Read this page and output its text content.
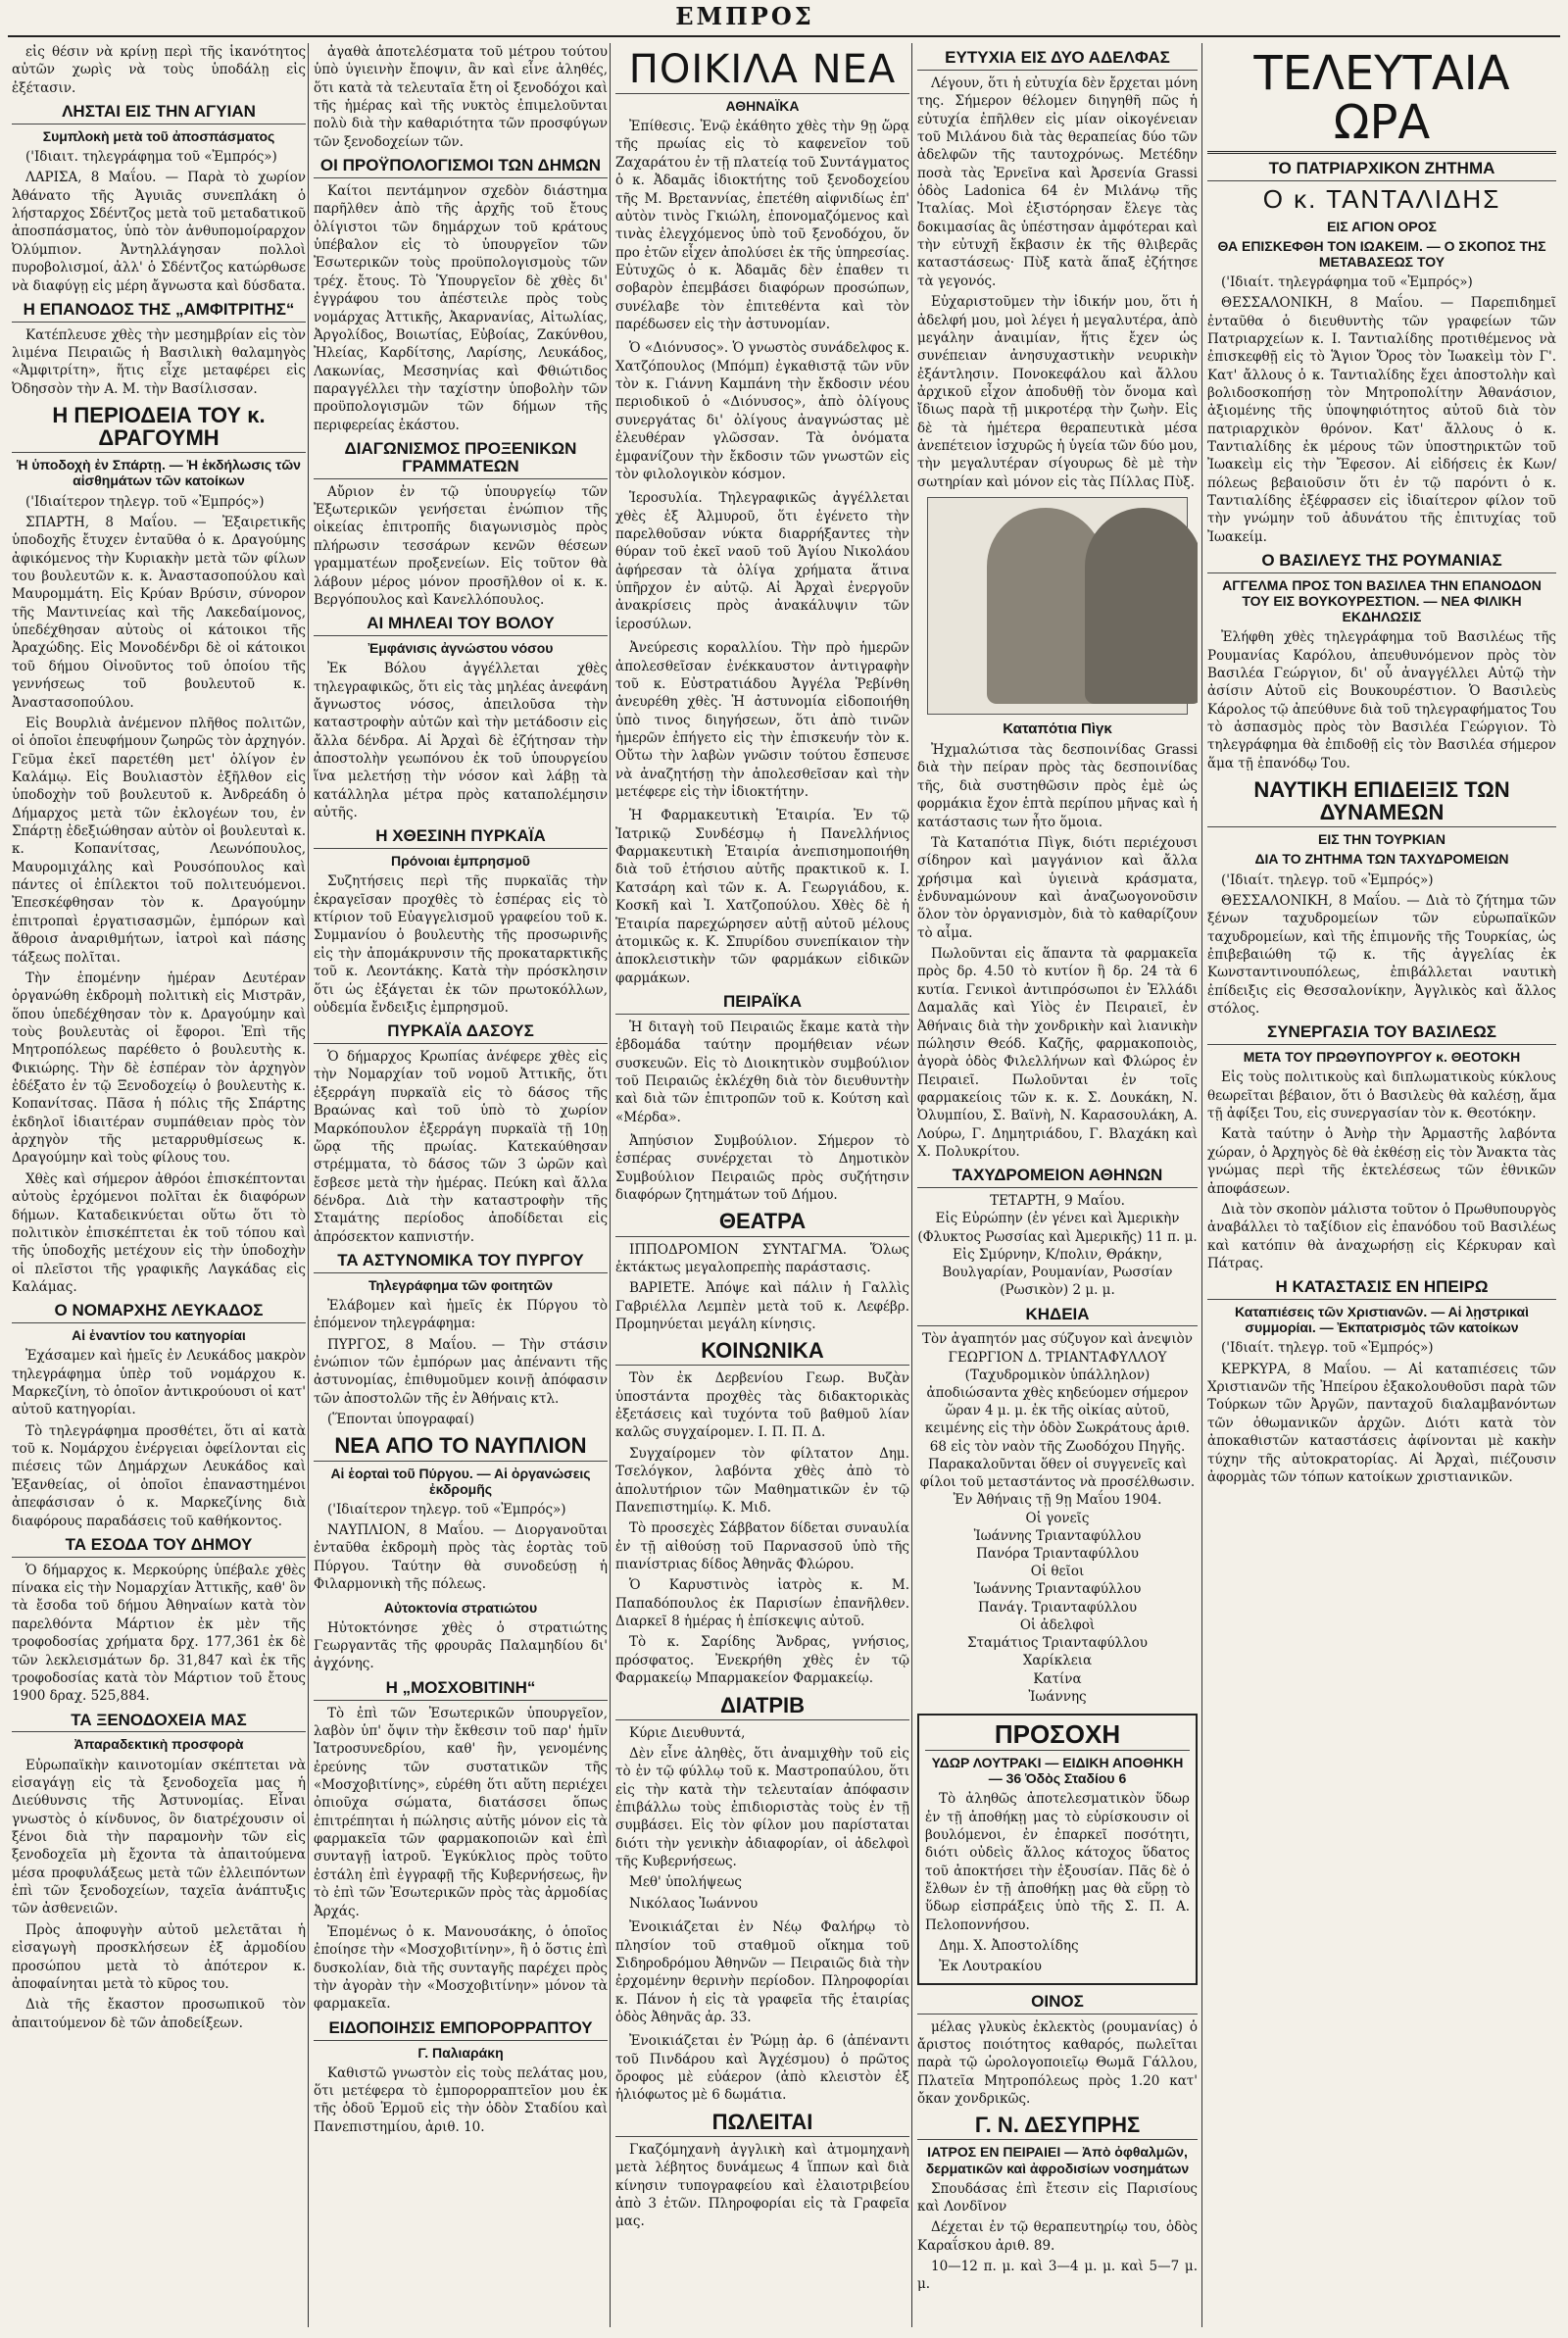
ΕΜΠΡΟΣ

εἰς θέσιν νὰ κρίνῃ περὶ τῆς ἱκανότητος αὐτῶν χωρὶς νὰ τοὺς ὑποδάλῃ εἰς ἐξέτασιν.

ΛΗΣΤΑΙ ΕΙΣ ΤΗΝ ΑΓΥΙΑΝ
Συμπλοκὴ μετὰ τοῦ ἀποσπάσματος

('Ιδιαιτ. τηλεγράφημα τοῦ «Ἐμπρός»)

ΛΑΡΙΣΑ, 8 Μαΐου. — Παρὰ τὸ χωρίον Ἀθάνατο τῆς Ἀγυιᾶς συνεπλάκη ὁ λήσταρχος Σδέντζος μετὰ τοῦ μεταδατικοῦ ἀποσπάσματος, ὑπὸ τὸν ἀνθυπομοίραρχον Ὀλύμπιον. Ἀντηλλάγησαν πολλοὶ πυροβολισμοί, ἀλλ' ὁ Σδέντζος κατώρθωσε νὰ διαφύγῃ εἰς μέρη ἄγνωστα καὶ δύσδατα.

Η ΕΠΑΝΟΔΟΣ ΤΗΣ „ΑΜΦΙΤΡΙΤΗΣ“

Κατέπλευσε χθὲς τὴν μεσημβρίαν εἰς τὸν λιμένα Πειραιῶς ἡ Βασιλικὴ θαλαμηγὸς «Ἀμφιτρίτη», ἥτις εἶχε μεταφέρει εἰς Ὀδησσὸν τὴν Α. Μ. τὴν Βασίλισσαν.

Η ΠΕΡΙΟΔΕΙΑ ΤΟΥ κ. ΔΡΑΓΟΥΜΗ
Ἡ ὑποδοχὴ ἐν Σπάρτῃ. — Ἡ ἐκδήλωσις τῶν αἰσθημάτων τῶν κατοίκων

('Ιδιαίτερον τηλεγρ. τοῦ «Ἐμπρός»)

ΣΠΑΡΤΗ, 8 Μαΐου. — Ἐξαιρετικῆς ὑποδοχῆς ἔτυχεν ἐνταῦθα ὁ κ. Δραγούμης ἀφικόμενος τὴν Κυριακὴν μετὰ τῶν φίλων του βουλευτῶν κ. κ. Ἀναστασοπούλου καὶ Μαυρομμάτη. Εἰς Κρύαν Βρύσιν, σύνορον τῆς Μαντινείας καὶ τῆς Λακεδαίμονος, ὑπεδέχθησαν αὐτοὺς οἱ κάτοικοι τῆς Ἀραχώδης. Εἰς Μονοδένδρι δὲ οἱ κάτοικοι τοῦ δήμου Οἰνοῦντος τοῦ ὁποίου τῆς γεννήσεως τοῦ βουλευτοῦ κ. Ἀναστασοπούλου.

Εἰς Βουρλιὰ ἀνέμενον πλῆθος πολιτῶν, οἱ ὁποῖοι ἐπευφήμουν ζωηρῶς τὸν ἀρχηγόν. Γεῦμα ἐκεῖ παρετέθη μετ' ὀλίγον ἐν Καλάμῳ. Εἰς Βουλιαστὸν ἐξῆλθον εἰς ὑποδοχὴν τοῦ βουλευτοῦ κ. Ἀνδρεάδη ὁ Δήμαρχος μετὰ τῶν ἐκλογέων του, ἐν Σπάρτῃ ἐδεξιώθησαν αὐτὸν οἱ βουλευταὶ κ. κ. Κοπανίτσας, Λεωνόπουλος, Μαυρομιχάλης καὶ Ρουσόπουλος καὶ πάντες οἱ ἐπίλεκτοι τοῦ πολιτευόμενοι. Ἐπεσκέφθησαν τὸν κ. Δραγούμην ἐπιτροπαὶ ἐργατισασμῶν, ἐμπόρων καὶ ἄθροισ ἀναριθμήτων, ἰατροὶ καὶ πάσης τάξεως πολῖται.

Τὴν ἑπομένην ἡμέραν Δευτέραν ὀργανώθη ἐκδρομὴ πολιτικὴ εἰς Μιστρᾶν, ὅπου ὑπεδέχθησαν τὸν κ. Δραγούμην καὶ τοὺς βουλευτὰς οἱ ἔφοροι. Ἐπὶ τῆς Μητροπόλεως παρέθετο ὁ βουλευτὴς κ. Φικιώρης. Τὴν δὲ ἑσπέραν τὸν ἀρχηγὸν ἐδέξατο ἐν τῷ Ξενοδοχείῳ ὁ βουλευτὴς κ. Κοπανίτσας. Πᾶσα ἡ πόλις τῆς Σπάρτης ἐκδηλοῖ ἰδιαιτέραν συμπάθειαν πρὸς τὸν ἀρχηγὸν τῆς μεταρρυθμίσεως κ. Δραγούμην καὶ τοὺς φίλους του.

Χθὲς καὶ σήμερον ἀθρόοι ἐπισκέπτονται αὐτοὺς ἐρχόμενοι πολῖται ἐκ διαφόρων δήμων. Καταδεικνύεται οὕτω ὅτι τὸ πολιτικὸν ἐπισκέπτεται ἐκ τοῦ τόπου καὶ τῆς ὑποδοχῆς μετέχουν εἰς τὴν ὑποδοχὴν οἱ πλεῖστοι τῆς γραφικῆς Λαγκάδας εἰς Καλάμας.

Ο ΝΟΜΑΡΧΗΣ ΛΕΥΚΑΔΟΣ
Αἱ ἐναντίον του κατηγορίαι

Ἐχάσαμεν καὶ ἡμεῖς ἐν Λευκάδος μακρὸν τηλεγράφημα ὑπὲρ τοῦ νομάρχου κ. Μαρκεζίνη, τὸ ὁποῖον ἀντικρούουσι οἱ κατ' αὐτοῦ κατηγορίαι.

Τὸ τηλεγράφημα προσθέτει, ὅτι αἱ κατὰ τοῦ κ. Νομάρχου ἐνέργειαι ὀφείλονται εἰς πιέσεις τῶν Δημάρχων Λευκάδος καὶ Ἐξανθείας, οἱ ὁποῖοι ἐπαναστημένοι ἀπεφάσισαν ὁ κ. Μαρκεζίνης διὰ διαφόρους παραδάσεις τοῦ καθήκοντος.

ΤΑ ΕΣΟΔΑ ΤΟΥ ΔΗΜΟΥ

Ὁ δήμαρχος κ. Μερκούρης ὑπέβαλε χθὲς πίνακα εἰς τὴν Νομαρχίαν Ἀττικῆς, καθ' ὃν τὰ ἔσοδα τοῦ δήμου Ἀθηναίων κατὰ τὸν παρελθόντα Μάρτιον ἐκ μὲν τῆς τροφοδοσίας χρήματα δρχ. 177,361 ἐκ δὲ τῶν λεκλεισμάτων δρ. 31,847 καὶ ἐκ τῆς τροφοδοσίας κατὰ τὸν Μάρτιον τοῦ ἔτους 1900 δραχ. 525,884.

ΤΑ ΞΕΝΟΔΟΧΕΙΑ ΜΑΣ
Ἀπαραδεκτικὴ προσφορὰ

Εὐρωπαϊκὴν καινοτομίαν σκέπτεται νὰ εἰσαγάγῃ εἰς τὰ ξενοδοχεῖα μας ἡ Διεύθυνσις τῆς Ἀστυνομίας. Εἶναι γνωστὸς ὁ κίνδυνος, ὃν διατρέχουσιν οἱ ξένοι διὰ τὴν παραμονὴν τῶν εἰς ξενοδοχεῖα μὴ ἔχοντα τὰ ἀπαιτούμενα μέσα προφυλάξεως μετὰ τῶν ἐλλειπόντων ἐπὶ τῶν ξενοδοχείων, ταχεῖα ἀνάπτυξις τῶν ἀσθενειῶν.

Πρὸς ἀποφυγὴν αὐτοῦ μελετᾶται ἡ εἰσαγωγὴ προσκλήσεων ἐξ ἀρμοδίου προσώπου μετὰ τὸ ἀπότερον κ. ἀποφαίνηται μετὰ τὸ κῦρος του.

Διὰ τῆς ἔκαστον προσωπικοῦ τὸν ἀπαιτούμενον δὲ τῶν ἀποδείξεων.

ἀγαθὰ ἀποτελέσματα τοῦ μέτρου τούτου ὑπὸ ὑγιεινὴν ἔποψιν, ἂν καὶ εἶνε ἀληθές, ὅτι κατὰ τὰ τελευταῖα ἔτη οἱ ξενοδόχοι καὶ τῆς ἡμέρας καὶ τῆς νυκτὸς ἐπιμελοῦνται πολὺ διὰ τὴν καθαριότητα τῶν προσφύγων τῶν ξενοδοχείων τῶν.

ΟΙ ΠΡΟΫΠΟΛΟΓΙΣΜΟΙ ΤΩΝ ΔΗΜΩΝ

Καίτοι πεντάμηνον σχεδὸν διάστημα παρῆλθεν ἀπὸ τῆς ἀρχῆς τοῦ ἔτους ὀλίγιστοι τῶν δημάρχων τοῦ κράτους ὑπέβαλον εἰς τὸ ὑπουργεῖον τῶν Ἐσωτερικῶν τοὺς προϋπολογισμοὺς τῶν τρέχ. ἔτους. Τὸ Ὑπουργεῖον δὲ χθὲς δι' ἐγγράφου του ἀπέστειλε πρὸς τοὺς νομάρχας Ἀττικῆς, Ἀκαρνανίας, Αἰτωλίας, Ἀργολίδος, Βοιωτίας, Εὐβοίας, Ζακύνθου, Ἠλείας, Καρδίτσης, Λαρίσης, Λευκάδος, Λακωνίας, Μεσσηνίας καὶ Φθιώτιδος παραγγέλλει τὴν ταχίστην ὑποβολὴν τῶν προϋπολογισμῶν τῶν δήμων τῆς περιφερείας ἑκάστου.

ΔΙΑΓΩΝΙΣΜΟΣ ΠΡΟΞΕΝΙΚΩΝ ΓΡΑΜΜΑΤΕΩΝ

Αὔριον ἐν τῷ ὑπουργείῳ τῶν Ἐξωτερικῶν γενήσεται ἐνώπιον τῆς οἰκείας ἐπιτροπῆς διαγωνισμὸς πρὸς πλήρωσιν τεσσάρων κενῶν θέσεων γραμματέων προξενείων. Εἰς τοῦτον θὰ λάβουν μέρος μόνον προσῆλθον οἱ κ. κ. Βεργόπουλος καὶ Κανελλόπουλος.

ΑΙ ΜΗΛΕΑΙ ΤΟΥ ΒΟΛΟΥ
Ἐμφάνισις ἀγνώστου νόσου

Ἐκ Βόλου ἀγγέλλεται χθὲς τηλεγραφικῶς, ὅτι εἰς τὰς μηλέας ἀνεφάνη ἄγνωστος νόσος, ἀπειλοῦσα τὴν καταστροφὴν αὐτῶν καὶ τὴν μετάδοσιν εἰς ἄλλα δένδρα. Αἱ Ἀρχαὶ δὲ ἐζήτησαν τὴν ἀποστολὴν γεωπόνου ἐκ τοῦ ὑπουργείου ἵνα μελετήσῃ τὴν νόσον καὶ λάβῃ τὰ κατάλληλα μέτρα πρὸς καταπολέμησιν αὐτῆς.

Η ΧΘΕΣΙΝΗ ΠΥΡΚΑΪΑ
Πρόνοιαι ἐμπρησμοῦ

Συζητήσεις περὶ τῆς πυρκαϊᾶς τὴν ἐκραγεῖσαν προχθὲς τὸ ἑσπέρας εἰς τὸ κτίριον τοῦ Εὐαγγελισμοῦ γραφείου τοῦ κ. Συμμανίου ὁ βουλευτὴς τῆς προσωρινῆς εἰς τὴν ἀπομάκρυνσιν τῆς προκαταρκτικῆς τοῦ κ. Λεοντάκης. Κατὰ τὴν πρόσκλησιν ὅτι ὡς ἐξάγεται ἐκ τῶν πρωτοκόλλων, οὐδεμία ἔνδειξις ἐμπρησμοῦ.

ΠΥΡΚΑΪΑ ΔΑΣΟΥΣ

Ὁ δήμαρχος Κρωπίας ἀνέφερε χθὲς εἰς τὴν Νομαρχίαν τοῦ νομοῦ Ἀττικῆς, ὅτι ἐξερράγη πυρκαϊὰ εἰς τὸ δάσος τῆς Βραώνας καὶ τοῦ ὑπὸ τὸ χωρίον Μαρκόπουλον ἐξερράγη πυρκαϊὰ τῇ 10ῃ ὥρᾳ τῆς πρωίας. Κατεκαύθησαν στρέμματα, τὸ δάσος τῶν 3 ὡρῶν καὶ ἔσβεσε μετὰ τὴν ἡμέρας. Πεύκη καὶ ἄλλα δένδρα. Διὰ τὴν καταστροφὴν τῆς Σταμάτης περίοδος ἀποδίδεται εἰς ἀπρόσεκτον καπνιστήν.

ΤΑ ΑΣΤΥΝΟΜΙΚΑ ΤΟΥ ΠΥΡΓΟΥ
Τηλεγράφημα τῶν φοιτητῶν

Ἐλάβομεν καὶ ἡμεῖς ἐκ Πύργου τὸ ἑπόμενον τηλεγράφημα:

ΠΥΡΓΟΣ, 8 Μαΐου. — Τὴν στάσιν ἐνώπιον τῶν ἐμπόρων μας ἀπέναντι τῆς ἀστυνομίας, ἐπιθυμοῦμεν κοινῇ ἀπόφασιν τῶν ἀποστολῶν τῆς ἐν Ἀθήναις κτλ.

(Ἕπονται ὑπογραφαί)

ΝΕΑ ΑΠΟ ΤΟ ΝΑΥΠΛΙΟΝ
Αἱ ἑορταὶ τοῦ Πύργου. — Αἱ ὀργανώσεις ἐκδρομῆς

('Ιδιαίτερον τηλεγρ. τοῦ «Ἐμπρός»)

ΝΑΥΠΛΙΟΝ, 8 Μαΐου. — Διοργανοῦται ἐνταῦθα ἐκδρομὴ πρὸς τὰς ἑορτὰς τοῦ Πύργου. Ταύτην θὰ συνοδεύσῃ ἡ Φιλαρμονικὴ τῆς πόλεως.

Αὐτοκτονία στρατιώτου

Ηὐτοκτόνησε χθὲς ὁ στρατιώτης Γεωργαντᾶς τῆς φρουρᾶς Παλαμηδίου δι' ἀγχόνης.

Η „ΜΟΣΧΟΒΙΤΙΝΗ“

Τὸ ἐπὶ τῶν Ἐσωτερικῶν ὑπουργεῖον, λαβὸν ὑπ' ὄψιν τὴν ἔκθεσιν τοῦ παρ' ἡμῖν Ἰατροσυνεδρίου, καθ' ἣν, γενομένης ἐρεύνης τῶν συστατικῶν τῆς «Μοσχοβιτίνης», εὑρέθη ὅτι αὕτη περιέχει ὀπιοῦχα σώματα, διατάσσει ὅπως ἐπιτρέπηται ἡ πώλησις αὐτῆς μόνον εἰς τὰ φαρμακεῖα τῶν φαρμακοποιῶν καὶ ἐπὶ συνταγῇ ἰατροῦ. Ἐγκύκλιος πρὸς τοῦτο ἐστάλη ἐπὶ ἐγγραφῇ τῆς Κυβερνήσεως, ἣν τὸ ἐπὶ τῶν Ἐσωτερικῶν πρὸς τὰς ἀρμοδίας Ἀρχάς.

Ἐπομένως ὁ κ. Μανουσάκης, ὁ ὁποῖος ἐποίησε τὴν «Μοσχοβιτίνην», ἢ ὁ ὅστις ἐπὶ δυσκολίαν, διὰ τῆς συνταγῆς παρέχει πρὸς τὴν ἀγορὰν τὴν «Μοσχοβιτίνην» μόνον τὰ φαρμακεῖα.

ΕΙΔΟΠΟΙΗΣΙΣ ΕΜΠΟΡΟΡΡΑΠΤΟΥ
Γ. Παλιαράκη

Καθιστῶ γνωστὸν εἰς τοὺς πελάτας μου, ὅτι μετέφερα τὸ ἐμπορορραπτεῖον μου ἐκ τῆς ὁδοῦ Ἑρμοῦ εἰς τὴν ὁδὸν Σταδίου καὶ Πανεπιστημίου, ἀριθ. 10.

ΠΟΙΚΙΛΑ ΝΕΑ
ΑΘΗΝΑΪΚΑ

Ἐπίθεσις. Ἐνῷ ἐκάθητο χθὲς τὴν 9ῃ ὥρᾳ τῆς πρωίας εἰς τὸ καφενεῖον τοῦ Ζαχαράτου ἐν τῇ πλατείᾳ τοῦ Συντάγματος ὁ κ. Ἀδαμᾶς ἰδιοκτήτης τοῦ ξενοδοχείου τῆς Μ. Βρεταννίας, ἐπετέθη αἰφνιδίως ἐπ' αὐτὸν τινὸς Γκιώλη, ἐπονομαζόμενος καὶ τινὰς ἐλεγχόμενος ὑπὸ τοῦ ξενοδόχου, ὅν προ ἐτῶν εἶχεν ἀπολύσει ἐκ τῆς ὑπηρεσίας. Εὐτυχῶς ὁ κ. Ἀδαμᾶς δὲν ἐπαθεν τι σοβαρὸν ἐπεμβάσει διαφόρων προσώπων, συνέλαβε τὸν ἐπιτεθέντα καὶ τὸν παρέδωσεν εἰς τὴν ἀστυνομίαν.

Ὁ «Διόνυσος». Ὁ γνωστὸς συνάδελφος κ. Χατζόπουλος (Μπόμπ) ἐγκαθιστᾷ τῶν νῦν τὸν κ. Γιάννη Καμπάνη τὴν ἔκδοσιν νέου περιοδικοῦ ὁ «Διόνυσος», ἀπὸ ὀλίγους συνεργάτας δι' ὀλίγους ἀναγνώστας μὲ ἐλευθέραν γλῶσσαν. Τὰ ὀνόματα ἐμφανίζουν τὴν ἔκδοσιν τῶν γνωστῶν εἰς τὸν φιλολογικὸν κόσμον.

Ἱεροσυλία. Τηλεγραφικῶς ἀγγέλλεται χθὲς ἐξ Ἀλμυροῦ, ὅτι ἐγένετο τὴν παρελθοῦσαν νύκτα διαρρήξαντες τὴν θύραν τοῦ ἐκεῖ ναοῦ τοῦ Ἁγίου Νικολάου ἀφήρεσαν τὰ ὀλίγα χρήματα ἅτινα ὑπῆρχον ἐν αὐτῷ. Αἱ Ἀρχαὶ ἐνεργοῦν ἀνακρίσεις πρὸς ἀνακάλυψιν τῶν ἱεροσύλων.

Ἀνεύρεσις κοραλλίου. Τὴν πρὸ ἡμερῶν ἀπολεσθεῖσαν ἐνέκκαυστον ἀντιγραφὴν τοῦ κ. Εὐστρατιάδου Ἀγγέλα Ῥεβίνθη ἀνευρέθη χθὲς. Ἡ ἀστυνομία εἰδοποιήθη ὑπὸ τινος διηγήσεων, ὅτι ἀπὸ τινῶν ἡμερῶν ἐπήγετο εἰς τὴν ἐπισκευήν τὸν κ. Οὔτω τὴν λαβὼν γνῶσιν τούτου ἔσπευσε νὰ ἀναζητήσῃ τὴν ἀπολεσθεῖσαν καὶ τὴν μετέφερε εἰς τὴν ἱδιοκτήτην.

Ἡ Φαρμακευτικὴ Ἑταιρία. Ἐν τῷ Ἰατρικῷ Συνδέσμῳ ἡ Πανελλήνιος Φαρμακευτικὴ Ἑταιρία ἀνεπισημοποιήθη διὰ τοῦ ἐτήσιου αὐτῆς πρακτικοῦ κ. Ι. Κατσάρη καὶ τῶν κ. Α. Γεωργιάδου, κ. Κοσκῆ καὶ Ἰ. Χατζοπούλου. Χθὲς δὲ ἡ Ἑταιρία παρεχώρησεν αὐτῇ αὐτοῦ μέλους ἀτομικῶς κ. Κ. Σπυρίδου συνεπίκαιον τὴν ἀποκλειστικὴν τῶν φαρμάκων εἰδικῶν φαρμάκων.

ΠΕΙΡΑΪΚΑ

Ἡ διταγὴ τοῦ Πειραιῶς ἔκαμε κατὰ τὴν ἑβδομάδα ταύτην προμήθειαν νέων συσκευῶν. Εἰς τὸ Διοικητικὸν συμβούλιον τοῦ Πειραιῶς ἐκλέχθη διὰ τὸν διευθυντὴν καὶ διὰ τῶν ἐπιτροπῶν τοῦ κ. Κούτση καὶ «Μέρδα».

Ἀπηύσιον Συμβούλιον. Σήμερον τὸ ἑσπέρας συνέρχεται τὸ Δημοτικὸν Συμβούλιον Πειραιῶς πρὸς συζήτησιν διαφόρων ζητημάτων τοῦ Δήμου.

ΘΕΑΤΡΑ

ΙΠΠΟΔΡΟΜΙΟΝ ΣΥΝΤΑΓΜΑ. Ὅλως ἐκτάκτως μεγαλοπρεπὴς παράστασις.

ΒΑΡΙΕΤΕ. Ἀπόψε καὶ πάλιν ἡ Γαλλὶς Γαβριέλλα Λεμπὲν μετὰ τοῦ κ. Λεφέβρ. Προμηνύεται μεγάλη κίνησις.

ΚΟΙΝΩΝΙΚΑ

Τὸν ἐκ Δερβενίου Γεωρ. Βυζὰν ὑποστάντα προχθὲς τὰς διδακτορικὰς ἐξετάσεις καὶ τυχόντα τοῦ βαθμοῦ λίαν καλῶς συγχαίρομεν. Ι. Π. Π. Δ.

Συγχαίρομεν τὸν φίλτατον Δημ. Τσελόγκον, λαβόντα χθὲς ἀπὸ τὸ ἀπολυτήριον τῶν Μαθηματικῶν ἐν τῷ Πανεπιστημίῳ. Κ. Μιδ.

Τὸ προσεχὲς Σάββατον δίδεται συναυλία ἐν τῇ αἰθούσῃ τοῦ Παρνασσοῦ ὑπὸ τῆς πιανίστριας δίδος Ἀθηνᾶς Φλώρου.

Ὁ Καρυστινὸς ἰατρὸς κ. Μ. Παπαδόπουλος ἐκ Παρισίων ἐπανῆλθεν. Διαρκεῖ 8 ἡμέρας ἡ ἐπίσκεψις αὐτοῦ.

Τὸ κ. Σαρίδης Ἄνδρας, γνήσιος, πρόσφατος. Ἐνεκρήθη χθὲς ἐν τῷ Φαρμακείῳ Μπαρμακείον Φαρμακείῳ.

ΔΙΑΤΡΙΒ

Κύριε Διευθυντά,

Δὲν εἶνε ἀληθὲς, ὅτι ἀναμιχθὴν τοῦ εἰς τὸ ἐν τῷ φύλλῳ τοῦ κ. Μαστροπαύλου, ὅτι εἰς τὴν κατὰ τὴν τελευταίαν ἀπόφασιν ἐπιβάλλω τοὺς ἐπιδιοριστὰς τοὺς ἐν τῇ συμβάσει. Εἰς τὸν φίλον μου παρίσταται διότι τὴν γενικὴν ἀδιαφορίαν, οἱ ἀδελφοὶ τῆς Κυβερνήσεως.

Μεθ' ὑπολήψεως

Νικόλαος Ἰωάννου

Ἐνοικιάζεται ἐν Νέῳ Φαλήρῳ τὸ πλησίον τοῦ σταθμοῦ οἴκημα τοῦ Σιδηροδρόμου Ἀθηνῶν — Πειραιῶς διὰ τὴν ἐρχομένην θερινὴν περίοδον. Πληροφορίαι κ. Πάνον ἡ εἰς τὰ γραφεῖα τῆς ἑταιρίας ὁδὸς Ἀθηνᾶς ἀρ. 33.

Ἐνοικιάζεται ἐν Ῥώμῃ ἀρ. 6 (ἀπέναντι τοῦ Πινδάρου καὶ Ἀγχέσμου) ὁ πρῶτος ὄροφος μὲ εὐάερον (ἀπὸ κλειστὸν ἐξ ἡλιόφωτος μὲ 6 δωμάτια.

ΠΩΛΕΙΤΑΙ

Γκαζόμηχανὴ ἀγγλικὴ καὶ ἀτμομηχανὴ μετὰ λέβητος δυνάμεως 4 ἵππων καὶ διὰ κίνησιν τυπογραφείου καὶ ἐλαιοτριβείου ἀπὸ 3 ἐτῶν. Πληροφορίαι εἰς τὰ Γραφεῖα μας.

ΕΥΤΥΧΙΑ ΕΙΣ ΔΥΟ ΑΔΕΛΦΑΣ

Λέγουν, ὅτι ἡ εὐτυχία δὲν ἔρχεται μόνη της. Σήμερον θέλομεν διηγηθῆ πῶς ἡ εὐτυχία ἐπῆλθεν εἰς μίαν οἰκογένειαν τοῦ Μιλάνου διὰ τὰς θεραπείας δύο τῶν ἀδελφῶν τῆς ταυτοχρόνως. Μετέδην ποσὰ τὰς Ἐρνεῖνα καὶ Ἀρσενία Grassi ὁδὸς Ladonica 64 ἐν Μιλάνῳ τῆς Ἰταλίας. Μοὶ ἐξιστόρησαν ἔλεγε τὰς δοκιμασίας ἃς ὑπέστησαν ἀμφότεραι καὶ τὴν εὐτυχῆ ἔκβασιν ἐκ τῆς θλιβερᾶς καταστάσεως· Πὺξ κατὰ ἅπαξ ἐζήτησε τὰ γεγονός.

Εὐχαριστοῦμεν τὴν ἰδικήν μου, ὅτι ἡ ἀδελφή μου, μοὶ λέγει ἡ μεγαλυτέρα, ἀπὸ μεγάλην ἀναιμίαν, ἥτις ἔχεν ὡς συνέπειαν ἀνησυχαστικὴν νευρικὴν ἐξάντλησιν. Πονοκεφάλου καὶ ἄλλου ἀρχικοῦ εἶχον ἀποδυθῇ τὸν ὄνομα καὶ ἴδιως παρὰ τῇ μικροτέρᾳ τὴν ζωὴν. Εἰς δὲ τὰ ἡμέτερα θεραπευτικὰ μέσα ἀνεπέτειον ἰσχυρῶς ἡ ὑγεία τῶν δύο μου, τὴν μεγαλυτέραν σίγουρως δὲ μὲ τὴν σωτηρίαν καὶ μόνον εἰς τὰς Πίλλας Πὺξ.

Καταπότια Πὶγκ

Ἠχμαλώτισα τὰς δεσποινίδας Grassi διὰ τὴν πείραν πρὸς τὰς δεσποινίδας τῆς, διὰ συστηθῶσιν πρὸς ἐμὲ ὡς φορμάκια ἔχον ἑπτὰ περίπου μῆνας καὶ ἡ κατάστασις των ἦτο ὅμοια.

Τὰ Καταπότια Πὶγκ, διότι περιέχουσι σίδηρον καὶ μαγγάνιον καὶ ἄλλα χρήσιμα καὶ ὑγιεινὰ κράσματα, ἐνδυναμώνουν καὶ ἀναζωογονοῦσιν ὅλον τὸν ὀργανισμὸν, διὰ τὸ καθαρίζουν τὸ αἷμα.

Πωλοῦνται εἰς ἅπαντα τὰ φαρμακεῖα πρὸς δρ. 4.50 τὸ κυτίον ἢ δρ. 24 τὰ 6 κυτία. Γενικοὶ ἀντιπρόσωποι ἐν Ἑλλάδι Δαμαλᾶς καὶ Υἱὸς ἐν Πειραιεῖ, ἐν Ἀθήναις διὰ τὴν χονδρικὴν καὶ λιανικὴν πώλησιν Θεόδ. Καζῆς, φαρμακοποιὸς, ἀγορὰ ὁδὸς Φιλελλήνων καὶ Φλώρος ἐν Πειραιεῖ. Πωλοῦνται ἐν τοῖς φαρμακείοις τῶν κ. κ. Σ. Δουκάκη, Ν. Ὀλυμπίου, Σ. Βαϊνὴ, Ν. Καρασουλάκη, Α. Λούρω, Γ. Δημητριάδου, Γ. Βλαχάκη καὶ Χ. Πολυκρίτου.

ΤΑΧΥΔΡΟΜΕΙΟΝ ΑΘΗΝΩΝ

ΤΕΤΑΡΤΗ, 9 Μαΐου.

Εἰς Εὐρώπην (ἐν γένει καὶ Ἀμερικὴν (Φλυκτος Ρωσσίας καὶ Ἀμερικῆς) 11 π. μ.

Εἰς Σμύρνην, Κ/πολιν, Θράκην, Βουλγαρίαν, Ρουμανίαν, Ρωσσίαν (Ρωσικὸν) 2 μ. μ.

ΚΗΔΕΙΑ

Τὸν ἀγαπητόν μας σύζυγον καὶ ἀνεψιὸν

ΓΕΩΡΓΙΟΝ Δ. ΤΡΙΑΝΤΑΦΥΛΛΟΥ

(Ταχυδρομικὸν ὑπάλληλον)

ἀποδιώσαντα χθὲς κηδεύομεν σήμερον ὥραν 4 μ. μ. ἐκ τῆς οἰκίας αὐτοῦ, κειμένης εἰς τὴν ὁδὸν Σωκράτους ἀριθ. 68 εἰς τὸν ναὸν τῆς Ζωοδόχου Πηγῆς. Παρακαλοῦνται ὅθεν οἱ συγγενεῖς καὶ φίλοι τοῦ μεταστάντος νὰ προσέλθωσιν.

Ἐν Ἀθήναις τῇ 9ῃ Μαΐου 1904.

Οἱ γονεῖς

Ἰωάννης Τριανταφύλλου

Πανόρα Τριανταφύλλου

Οἱ θεῖοι

Ἰωάννης Τριανταφύλλου

Πανάγ. Τριανταφύλλου

Οἱ ἀδελφοὶ

Σταμάτιος Τριανταφύλλου

Χαρίκλεια

Κατίνα

Ἰωάννης

ΠΡΟΣΟΧΗ
ΥΔΩΡ ΛΟΥΤΡΑΚΙ — ΕΙΔΙΚΗ ΑΠΟΘΗΚΗ — 36 Ὁδὸς Σταδίου 6

Τὸ ἀληθῶς ἀποτελεσματικὸν ὕδωρ ἐν τῇ ἀποθήκῃ μας τὸ εὑρίσκουσιν οἱ βουλόμενοι, ἐν ἐπαρκεῖ ποσότητι, διότι οὐδεὶς ἄλλος κάτοχος ὕδατος τοῦ ἀποκτήσει τὴν ἐξουσίαν. Πᾶς δὲ ὁ ἔλθων ἐν τῇ ἀποθήκῃ μας θὰ εὕρῃ τὸ ὕδωρ εἰσπράξεις ὑπὸ τῆς Σ. Π. Α. Πελοποννήσου.

Δημ. Χ. Ἀποστολίδης

Ἐκ Λουτρακίου

ΟΙΝΟΣ

μέλας γλυκὺς ἐκλεκτὸς (ρουμανίας) ὁ ἄριστος ποιότητος καθαρός, πωλεῖται παρὰ τῷ ὡρολογοποιεῖῳ Θωμᾶ Γάλλου, Πλατεῖα Μητροπόλεως πρὸς 1.20 κατ' ὄκαν χονδρικῶς.

Γ. Ν. ΔΕΣΥΠΡΗΣ
ΙΑΤΡΟΣ ΕΝ ΠΕΙΡΑΙΕΙ — Ἀπὸ ὀφθαλμῶν, δερματικῶν καὶ ἀφροδισίων νοσημάτων

Σπουδάσας ἐπὶ ἔτεσιν εἰς Παρισίους καὶ Λονδῖνον

Δέχεται ἐν τῷ θεραπευτηρίῳ του, ὁδὸς Καραΐσκου ἀριθ. 89.

10—12 π. μ. καὶ 3—4 μ. μ. καὶ 5—7 μ. μ.

ΤΕΛΕΥΤΑΙΑ ΩΡΑ
ΤΟ ΠΑΤΡΙΑΡΧΙΚΟΝ ΖΗΤΗΜΑ
Ο κ. ΤΑΝΤΑΛΙΔΗΣ
ΕΙΣ ΑΓΙΟΝ ΟΡΟΣ
ΘΑ ΕΠΙΣΚΕΦΘΗ ΤΟΝ ΙΩΑΚΕΙΜ. — Ο ΣΚΟΠΟΣ ΤΗΣ ΜΕΤΑΒΑΣΕΩΣ ΤΟΥ

('Ιδιαίτ. τηλεγράφημα τοῦ «Ἐμπρός»)

ΘΕΣΣΑΛΟΝΙΚΗ, 8 Μαΐου. — Παρεπιδημεῖ ἐνταῦθα ὁ διευθυντὴς τῶν γραφείων τῶν Πατριαρχείων κ. Ι. Ταντιαλίδης προτιθέμενος νὰ ἐπισκεφθῇ εἰς τὸ Ἅγιον Ὄρος τὸν Ἰωακεὶμ τὸν Γ'. Κατ' ἄλλους ὁ κ. Ταντιαλίδης ἔχει ἀποστολὴν καὶ βολιδοσκοπήσῃ τὸν Μητροπολίτην Ἀθανάσιον, ἀξιομένης τῆς ὑποψηφιότητος αὐτοῦ διὰ τὸν πατριαρχικὸν θρόνον. Κατ' ἄλλους ὁ κ. Ταντιαλίδης ἐκ μέρους τῶν ὑποστηρικτῶν τοῦ Ἰωακεὶμ εἰς τὴν Ἔφεσον. Αἱ εἰδήσεις ἐκ Κων/πόλεως βεβαιοῦσιν ὅτι ἐν τῷ παρόντι ὁ κ. Ταντιαλίδης ἐξέφρασεν εἰς ἰδιαίτερον φίλον τοῦ τὴν γνώμην τοῦ ἀδυνάτου τῆς ἐπιτυχίας τοῦ Ἰωακείμ.

Ο ΒΑΣΙΛΕΥΣ ΤΗΣ ΡΟΥΜΑΝΙΑΣ
ΑΓΓΕΛΜΑ ΠΡΟΣ ΤΟΝ ΒΑΣΙΛΕΑ ΤΗΝ ΕΠΑΝΟΔΟΝ ΤΟΥ ΕΙΣ ΒΟΥΚΟΥΡΕΣΤΙΟΝ. — ΝΕΑ ΦΙΛΙΚΗ ΕΚΔΗΛΩΣΙΣ

Ἐλήφθη χθὲς τηλεγράφημα τοῦ Βασιλέως τῆς Ρουμανίας Καρόλου, ἀπευθυνόμενον πρὸς τὸν Βασιλέα Γεώργιον, δι' οὗ ἀναγγέλλει Αὐτῷ τὴν ἀσίσιν Αὐτοῦ εἰς Βουκουρέστιον. Ὁ Βασιλεὺς Κάρολος τῷ ἀπεύθυνε διὰ τοῦ τηλεγραφήματος Του τὸ ἀσπασμὸς πρὸς τὸν Βασιλέα Γεώργιον. Τὸ τηλεγράφημα θὰ ἐπιδοθῇ εἰς τὸν Βασιλέα σήμερον ἅμα τῇ ἐπανόδῳ Του.

ΝΑΥΤΙΚΗ ΕΠΙΔΕΙΞΙΣ ΤΩΝ ΔΥΝΑΜΕΩΝ
ΕΙΣ ΤΗΝ ΤΟΥΡΚΙΑΝ
ΔΙΑ ΤΟ ΖΗΤΗΜΑ ΤΩΝ ΤΑΧΥΔΡΟΜΕΙΩΝ

('Ιδιαίτ. τηλεγρ. τοῦ «Ἐμπρός»)

ΘΕΣΣΑΛΟΝΙΚΗ, 8 Μαΐου. — Διὰ τὸ ζήτημα τῶν ξένων ταχυδρομείων τῶν εὐρωπαϊκῶν ταχυδρομείων, καὶ τῆς ἐπιμονῆς τῆς Τουρκίας, ὡς ἐπιβεβαιώθη τῷ κ. τῆς ἀγγελίας ἐκ Κωνσταντινουπόλεως, ἐπιβάλλεται ναυτικὴ ἐπίδειξις εἰς Θεσσαλονίκην, Ἀγγλικὸς καὶ ἄλλος στόλος.

ΣΥΝΕΡΓΑΣΙΑ ΤΟΥ ΒΑΣΙΛΕΩΣ
ΜΕΤΑ ΤΟΥ ΠΡΩΘΥΠΟΥΡΓΟΥ κ. ΘΕΟΤΟΚΗ

Εἰς τοὺς πολιτικοὺς καὶ διπλωματικοὺς κύκλους θεωρεῖται βέβαιον, ὅτι ὁ Βασιλεὺς θὰ καλέσῃ, ἅμα τῇ ἀφίξει Του, εἰς συνεργασίαν τὸν κ. Θεοτόκην.

Κατὰ ταύτην ὁ Ἀνὴρ τὴν Ἁρμαστῆς λαβόντα χώραν, ὁ Ἀρχηγὸς δὲ θὰ ἐκθέσῃ εἰς τὸν Ἄνακτα τὰς γνώμας περὶ τῆς ἐκτελέσεως τῶν ἐθνικῶν ἀποφάσεων.

Διὰ τὸν σκοπὸν μάλιστα τοῦτον ὁ Πρωθυπουργὸς ἀναβάλλει τὸ ταξίδιον εἰς ἐπανόδου τοῦ Βασιλέως καὶ κατόπιν θὰ ἀναχωρήσῃ εἰς Κέρκυραν καὶ Πάτρας.

Η ΚΑΤΑΣΤΑΣΙΣ ΕΝ ΗΠΕΙΡΩ
Καταπιέσεις τῶν Χριστιανῶν. — Αἱ λῃστρικαὶ συμμορίαι. — Ἐκπατρισμὸς τῶν κατοίκων

('Ιδιαίτ. τηλεγρ. τοῦ «Ἐμπρός»)

ΚΕΡΚΥΡΑ, 8 Μαΐου. — Αἱ καταπιέσεις τῶν Χριστιανῶν τῆς Ἠπείρου ἐξακολουθοῦσι παρὰ τῶν Τούρκων τῶν Ἀργῶν, πανταχοῦ διαλαμβανόντων τῶν ὀθωμανικῶν ἀρχῶν. Διότι κατὰ τὸν ἀποκαθιστῶν καταστάσεις ἀφίνονται μὲ κακὴν τύχην τῆς αὐτοκρατορίας. Αἱ Ἀρχαὶ, πιέζουσιν ἀφορμὰς τῶν τόπων κατοίκων χριστιανικῶν.
